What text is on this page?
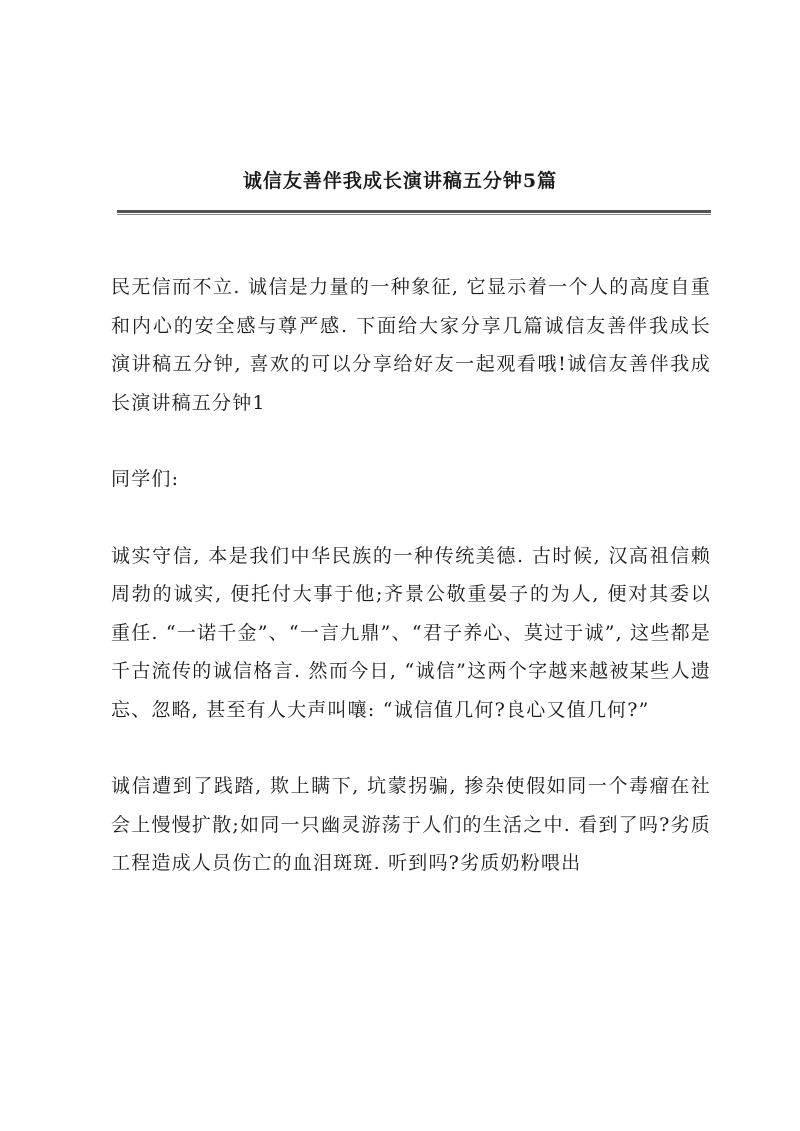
诚信友善伴我成长演讲稿五分钟5篇

民无信而不立. 诚信是力量的一种象征, 它显示着一个人的高度自重和内心的安全感与尊严感. 下面给大家分享几篇诚信友善伴我成长演讲稿五分钟, 喜欢的可以分享给好友一起观看哦!诚信友善伴我成长演讲稿五分钟1

同学们:

诚实守信, 本是我们中华民族的一种传统美德. 古时候, 汉高祖信赖周勃的诚实, 便托付大事于他;齐景公敬重晏子的为人, 便对其委以重任. “一诺千金”、“一言九鼎”、“君子养心、莫过于诚”, 这些都是千古流传的诚信格言. 然而今日, “诚信”这两个字越来越被某些人遗忘、忽略, 甚至有人大声叫嚷: “诚信值几何?良心又值几何?”

诚信遭到了践踏, 欺上瞒下, 坑蒙拐骗, 掺杂使假如同一个毒瘤在社会上慢慢扩散;如同一只幽灵游荡于人们的生活之中. 看到了吗?劣质工程造成人员伤亡的血泪斑斑. 听到吗?劣质奶粉喂出
